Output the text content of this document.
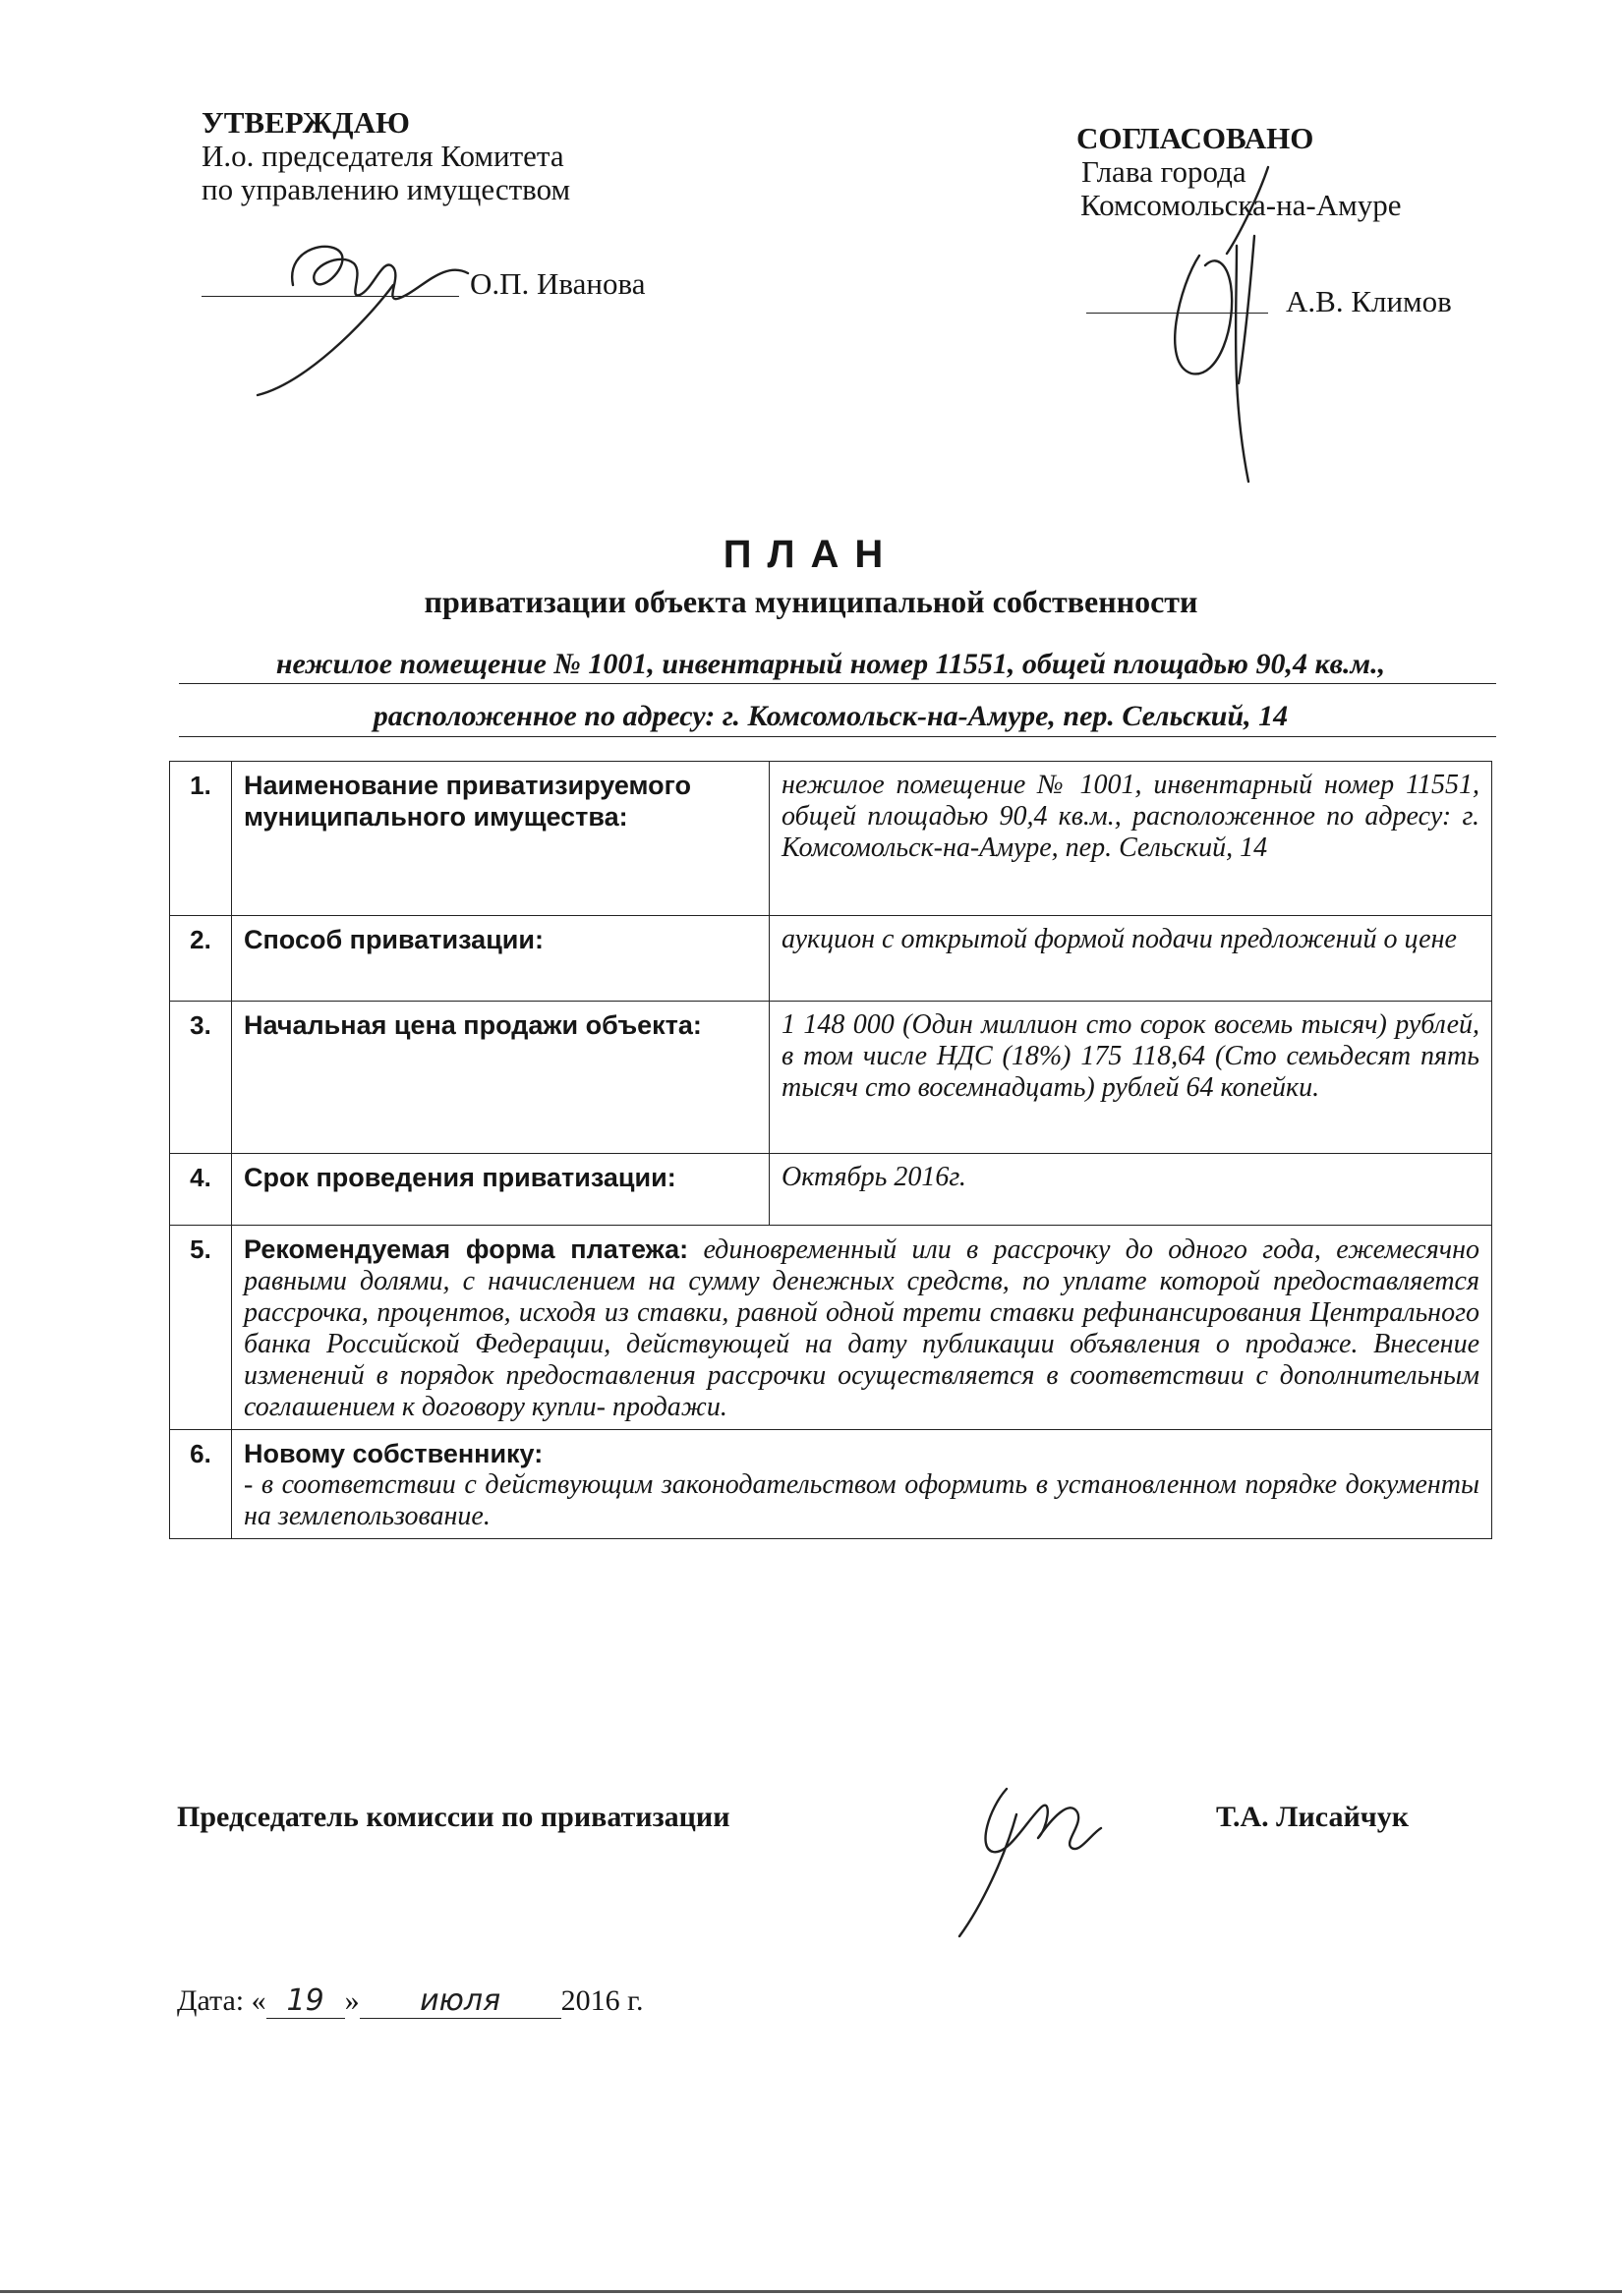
УТВЕРЖДАЮ
И.о. председателя Комитета
по управлению имуществом
О.П. Иванова
СОГЛАСОВАНО
Глава города
Комсомольска-на-Амуре
А.В. Климов
ПЛАН
приватизации объекта муниципальной собственности
нежилое помещение № 1001, инвентарный номер 11551, общей площадью 90,4 кв.м.,
расположенное по адресу: г. Комсомольск-на-Амуре, пер. Сельский, 14
1.	Наименование приватизируемого муниципального имущества:	нежилое помещение № 1001, инвентарный номер 11551, общей площадью 90,4 кв.м., расположенное по адресу: г. Комсомольск-на-Амуре, пер. Сельский, 14
2.	Способ приватизации:	аукцион с открытой формой подачи предложений о цене
3.	Начальная цена продажи объекта:	1 148 000 (Один миллион сто сорок восемь тысяч) рублей, в том числе НДС (18%) 175 118,64 (Сто семьдесят пять тысяч сто восемнадцать) рублей 64 копейки.
4.	Срок проведения приватизации:	Октябрь 2016г.
5.	Рекомендуемая форма платежа: единовременный или в рассрочку до одного года, ежемесячно равными долями, с начислением на сумму денежных средств, по уплате которой предоставляется рассрочка, процентов, исходя из ставки, равной одной трети ставки рефинансирования Центрального банка Российской Федерации, действующей на дату публикации объявления о продаже. Внесение изменений в порядок предоставления рассрочки осуществляется в соответствии с дополнительным соглашением к договору купли- продажи.	
6.	Новому собственнику:
- в соответствии с действующим законодательством оформить в установленном порядке документы на землепользование.	
Председатель комиссии по приватизации	Т.А. Лисайчук
Дата: « 19 » июля 2016 г.
